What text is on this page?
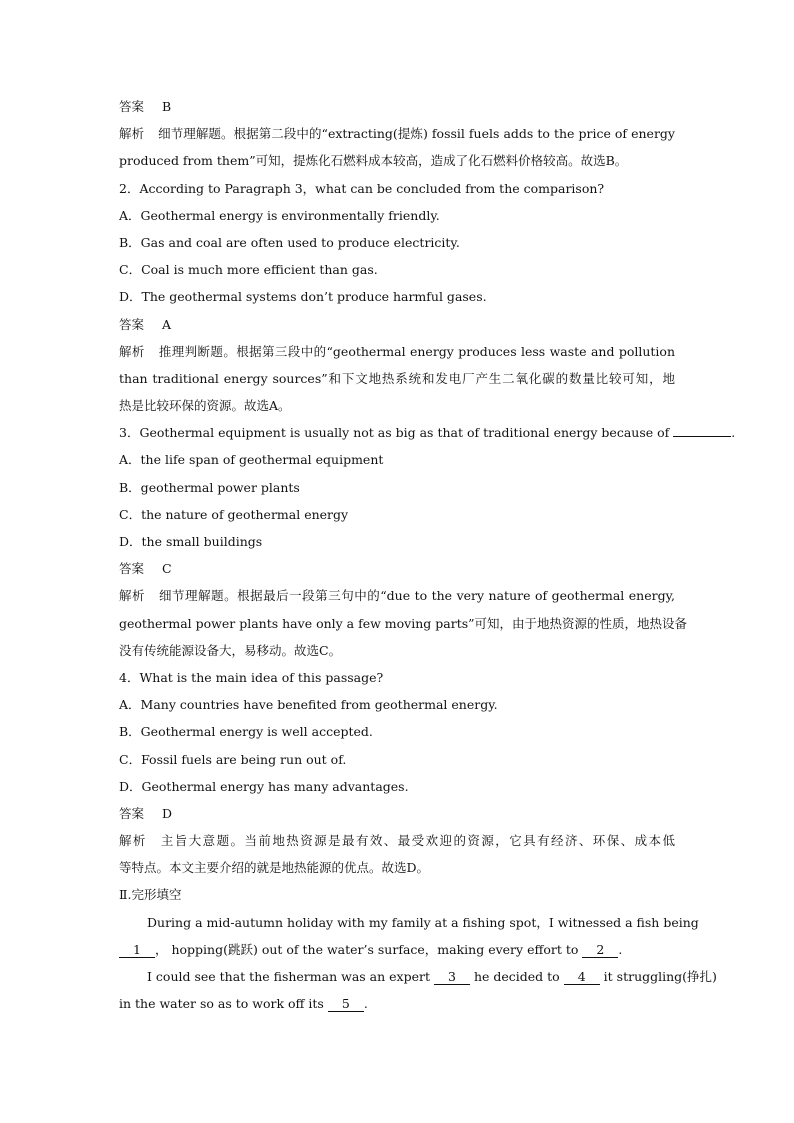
答案 B
解析 细节理解题。根据第二段中的“extracting(提炼) fossil fuels adds to the price of energy
produced from them”可知，提炼化石燃料成本较高，造成了化石燃料价格较高。故选B。
2．According to Paragraph 3，what can be concluded from the comparison?
A．Geothermal energy is environmentally friendly.
B．Gas and coal are often used to produce electricity.
C．Coal is much more efficient than gas.
D．The geothermal systems don’t produce harmful gases.
答案 A
解析 推理判断题。根据第三段中的“geothermal energy produces less waste and pollution
than traditional energy sources”和下文地热系统和发电厂产生二氧化碳的数量比较可知，地
热是比较环保的资源。故选A。
3．Geothermal equipment is usually not as big as that of traditional energy because of	.
A．the life span of geothermal equipment
B．geothermal power plants
C．the nature of geothermal energy
D．the small buildings
答案 C
解析 细节理解题。根据最后一段第三句中的“due to the very nature of geothermal energy,
geothermal power plants have only a few moving parts”可知，由于地热资源的性质，地热设备
没有传统能源设备大，易移动。故选C。
4．What is the main idea of this passage?
A．Many countries have benefited from geothermal energy.
B．Geothermal energy is well accepted.
C．Fossil fuels are being run out of.
D．Geothermal energy has many advantages.
答案 D
解析 主旨大意题。当前地热资源是最有效、最受欢迎的资源，它具有经济、环保、成本低
等特点。本文主要介绍的就是地热能源的优点。故选D。
Ⅱ.完形填空
During a mid-autumn holiday with my family at a fishing spot，I witnessed a fish being
1 ， hopping(跳跃) out of the water’s surface，making every effort to 2 .
I could see that the fisherman was an expert 3 he decided to 4 it struggling(挣扎)
in the water so as to work off its 5 .
